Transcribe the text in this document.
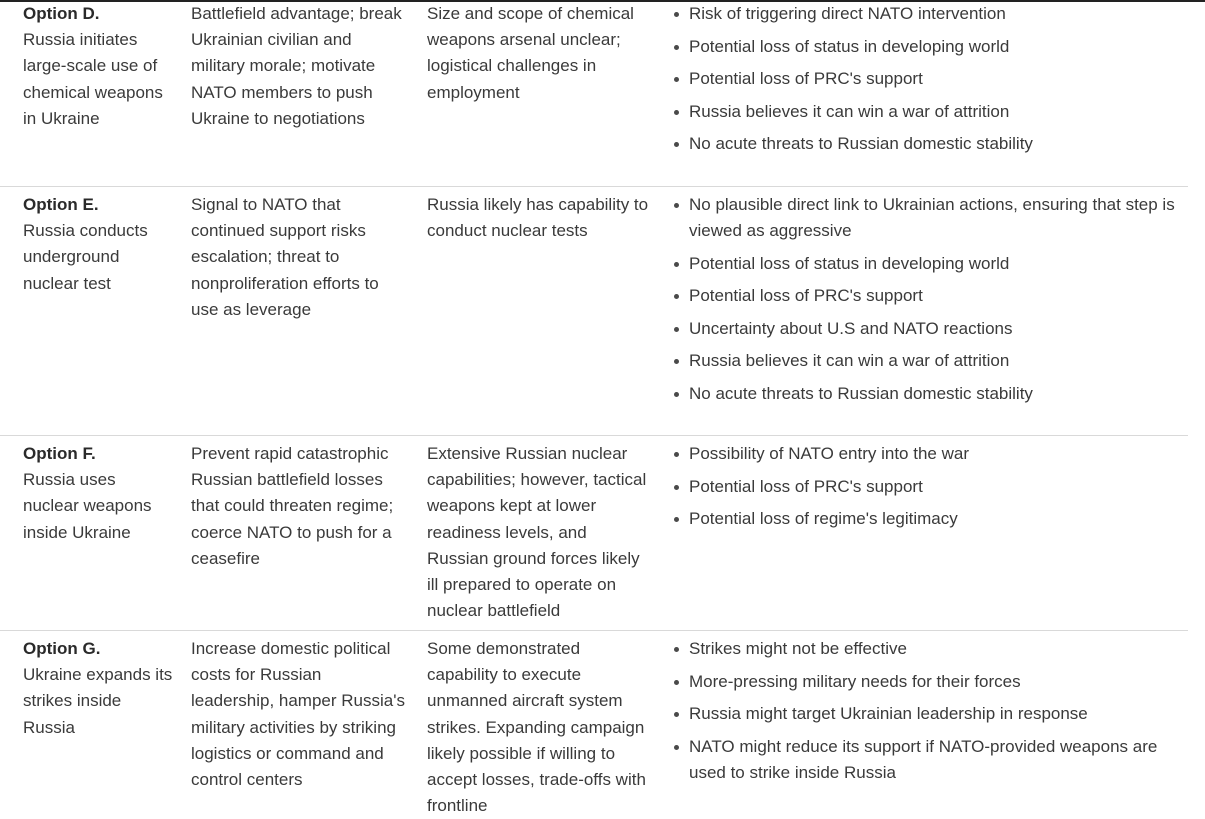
Option D.
Russia initiates large-scale use of chemical weapons in Ukraine
Battlefield advantage; break Ukrainian civilian and military morale; motivate NATO members to push Ukraine to negotiations
Size and scope of chemical weapons arsenal unclear; logistical challenges in employment
Risk of triggering direct NATO intervention
Potential loss of status in developing world
Potential loss of PRC's support
Russia believes it can win a war of attrition
No acute threats to Russian domestic stability
Option E.
Russia conducts underground nuclear test
Signal to NATO that continued support risks escalation; threat to nonproliferation efforts to use as leverage
Russia likely has capability to conduct nuclear tests
No plausible direct link to Ukrainian actions, ensuring that step is viewed as aggressive
Potential loss of status in developing world
Potential loss of PRC's support
Uncertainty about U.S and NATO reactions
Russia believes it can win a war of attrition
No acute threats to Russian domestic stability
Option F.
Russia uses nuclear weapons inside Ukraine
Prevent rapid catastrophic Russian battlefield losses that could threaten regime; coerce NATO to push for a ceasefire
Extensive Russian nuclear capabilities; however, tactical weapons kept at lower readiness levels, and Russian ground forces likely ill prepared to operate on nuclear battlefield
Possibility of NATO entry into the war
Potential loss of PRC's support
Potential loss of regime's legitimacy
Option G.
Ukraine expands its strikes inside Russia
Increase domestic political costs for Russian leadership, hamper Russia's military activities by striking logistics or command and control centers
Some demonstrated capability to execute unmanned aircraft system strikes. Expanding campaign likely possible if willing to accept losses, trade-offs with frontline
Strikes might not be effective
More-pressing military needs for their forces
Russia might target Ukrainian leadership in response
NATO might reduce its support if NATO-provided weapons are used to strike inside Russia
